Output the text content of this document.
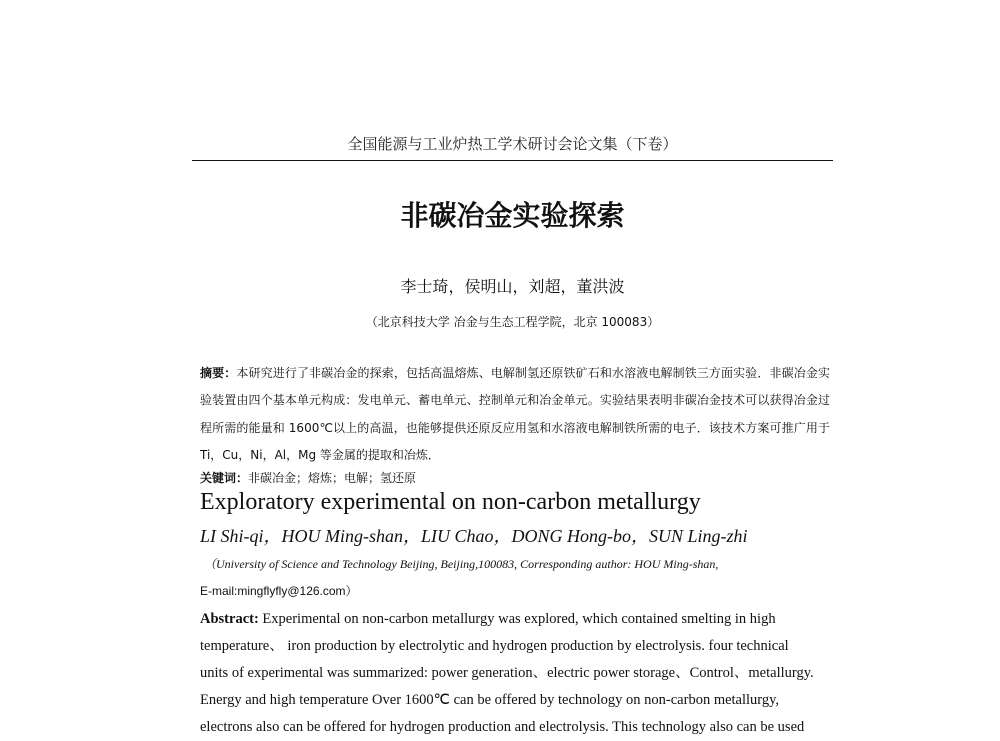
全国能源与工业炉热工学术研讨会论文集（下卷）
非碳冶金实验探索
李士琦，侯明山，刘超，董洪波
（北京科技大学 冶金与生态工程学院，北京 100083）
摘要：本研究进行了非碳冶金的探索，包括高温熔炼、电解制氢还原铁矿石和水溶液电解制铁三方面实验．非碳冶金实验装置由四个基本单元构成：发电单元、蓄电单元、控制单元和冶金单元。实验结果表明非碳冶金技术可以获得冶金过程所需的能量和 1600℃以上的高温，也能够提供还原反应用氢和水溶液电解制铁所需的电子．该技术方案可推广用于 Ti，Cu，Ni，Al，Mg 等金属的提取和冶炼．
关键词：非碳冶金；熔炼；电解；氢还原
Exploratory experimental on non-carbon metallurgy
LI Shi-qi，HOU Ming-shan，LIU Chao，DONG Hong-bo，SUN Ling-zhi
（University of Science and Technology Beijing, Beijing,100083, Corresponding author: HOU Ming-shan,
E-mail:mingflyfly@126.com）
Abstract: Experimental on non-carbon metallurgy was explored, which contained smelting in high
temperature、 iron production by electrolytic and hydrogen production by electrolysis. four technical
units of experimental was summarized: power generation、electric power storage、Control、metallurgy.
Energy and high temperature Over 1600℃ can be offered by technology on non-carbon metallurgy,
electrons also can be offered for hydrogen production and electrolysis. This technology also can be used
